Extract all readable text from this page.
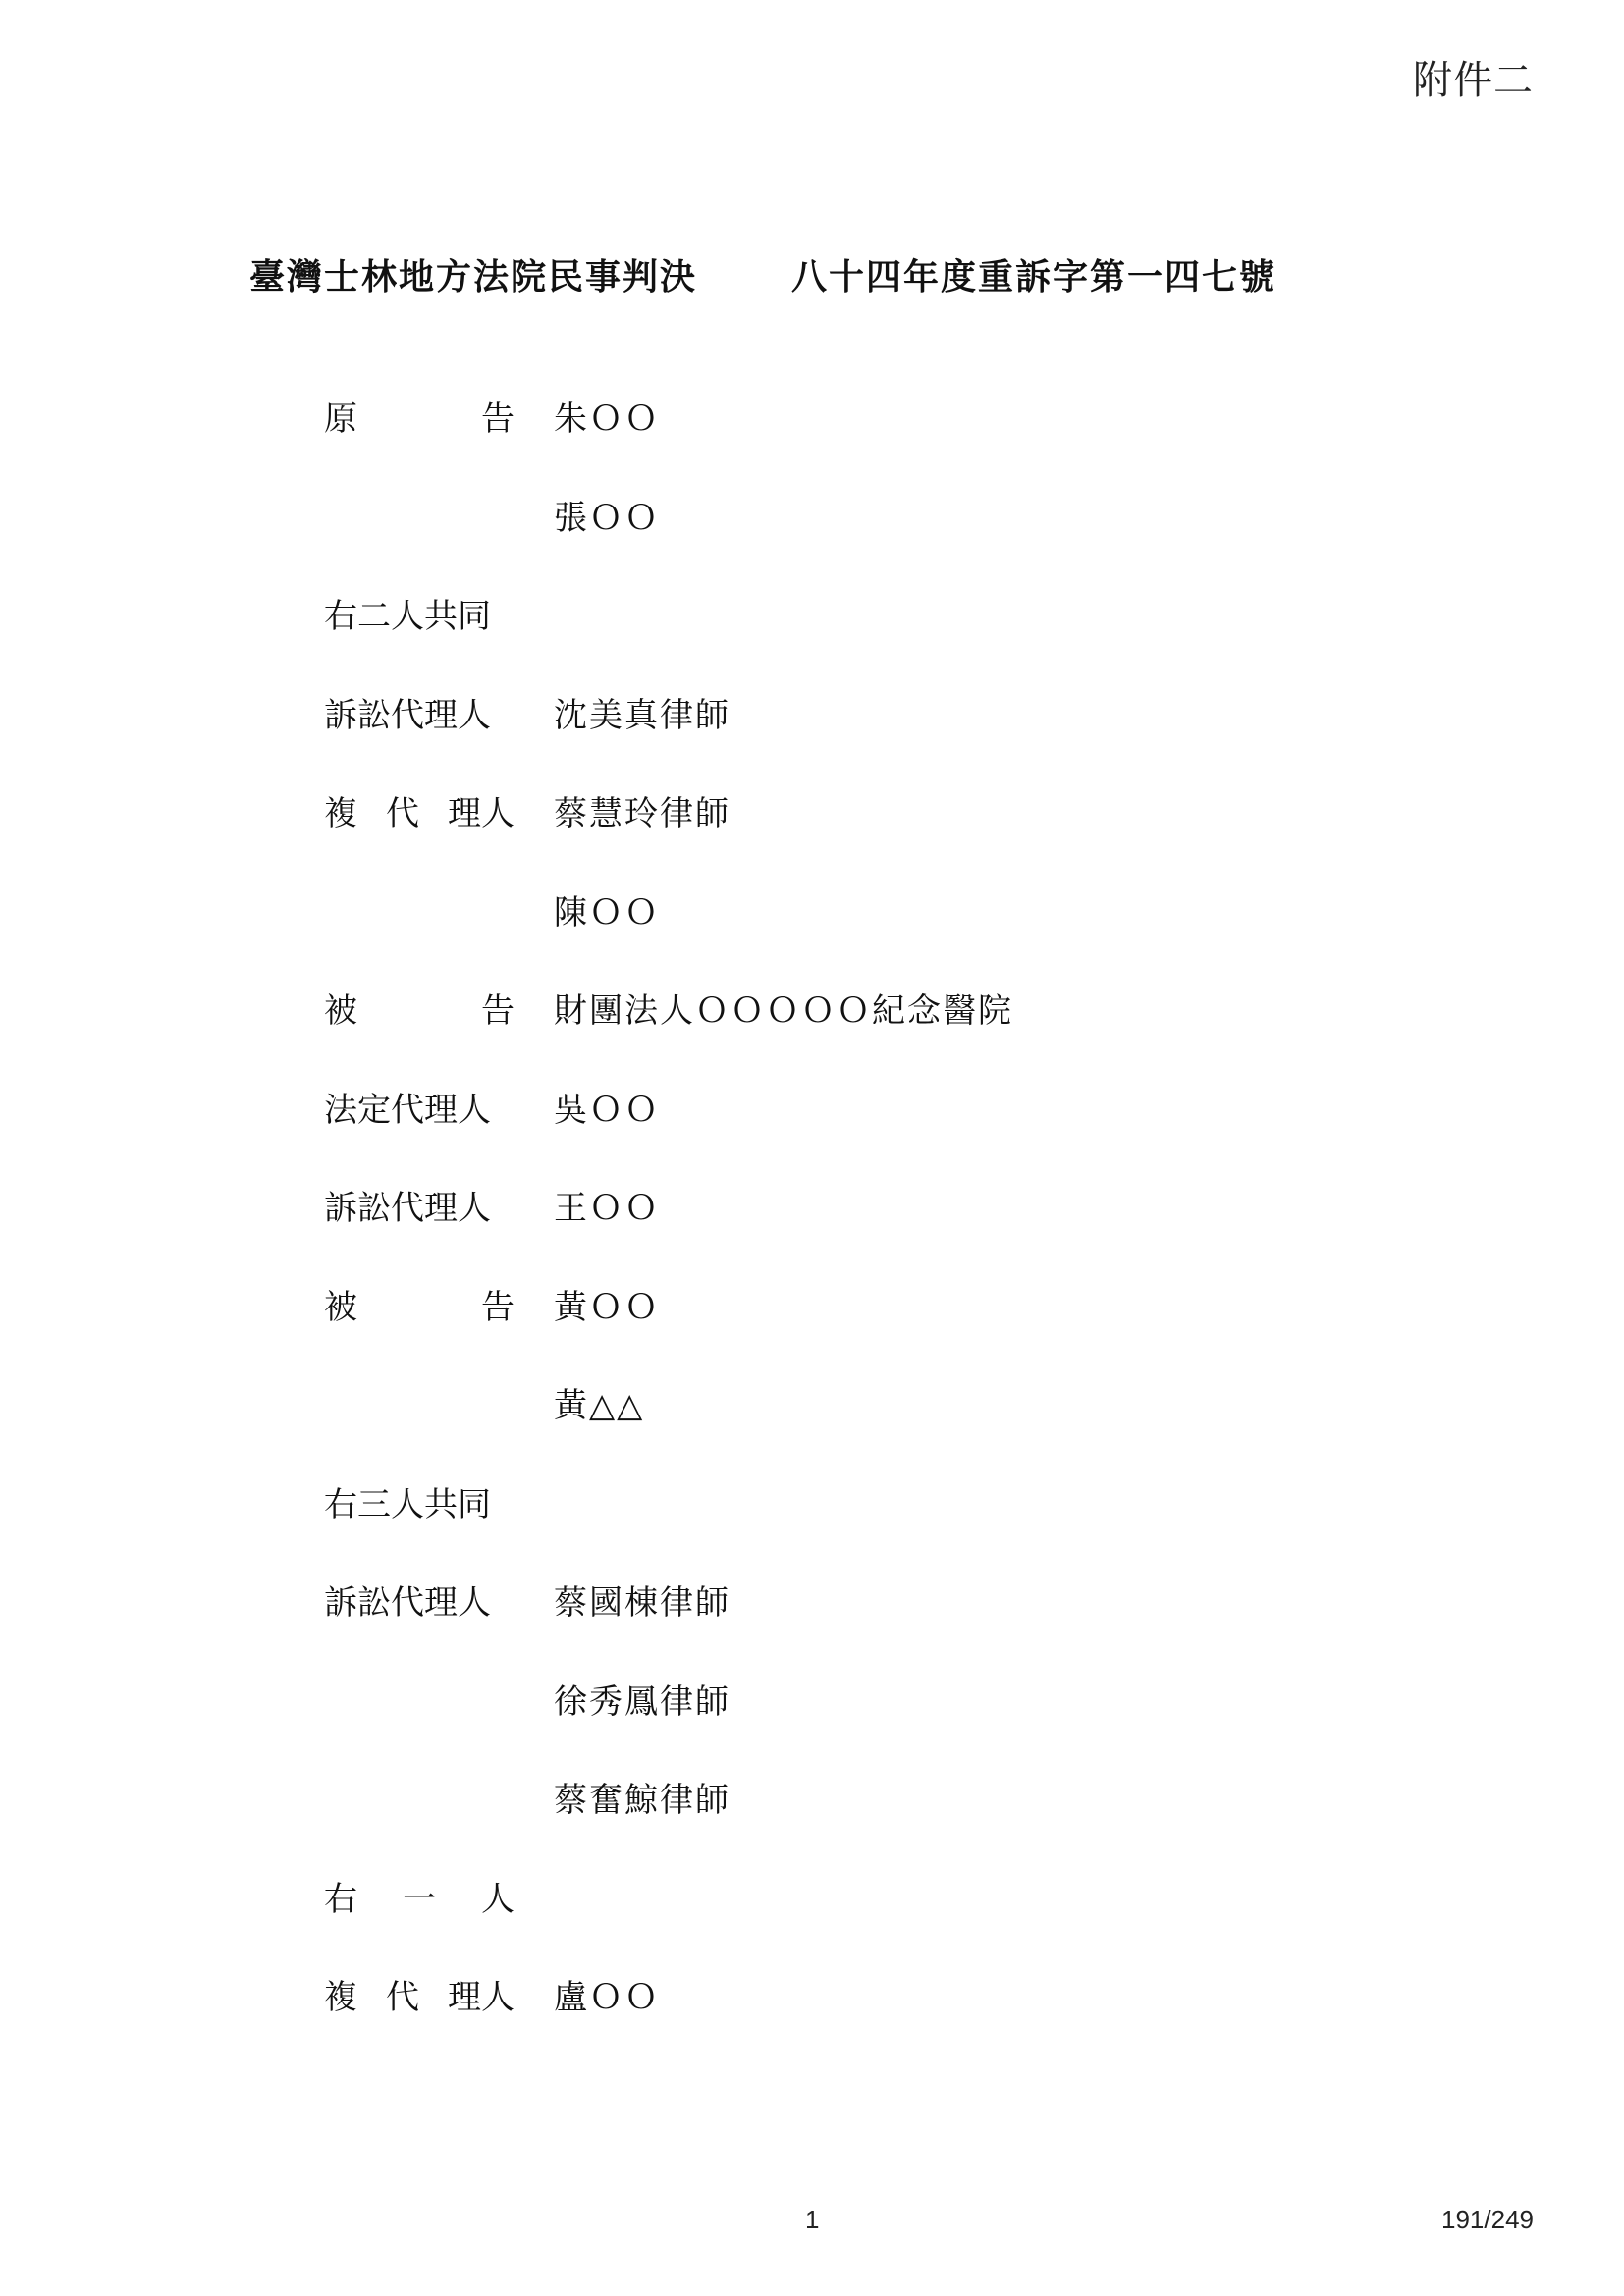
附件二
臺灣士林地方法院民事判決	八十四年度重訴字第一四七號
原	告 朱ＯＯ
張ＯＯ
右二人共同
訴訟代理人 沈美真律師
複 代 理人 蔡慧玲律師
陳ＯＯ
被	告 財團法人ＯＯＯＯＯ紀念醫院
法定代理人 吳ＯＯ
訴訟代理人 王ＯＯ
被	告 黃ＯＯ
黃△△
右三人共同
訴訟代理人 蔡國棟律師
徐秀鳳律師
蔡奮鯨律師
右 一 人
複 代 理人 盧ＯＯ
1	191/249
